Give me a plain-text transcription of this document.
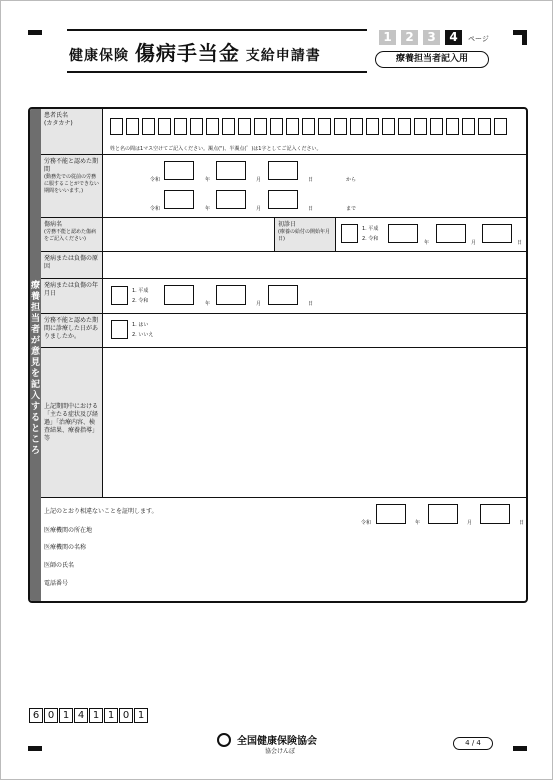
健康保険 傷病手当金 支給申請書
1	2	3	4	ページ
療養担当者記入用
療養担当者が意見を記入するところ
患者氏名
(カタカナ)
姓と名の間は1マス空けてご記入ください。濁点(")、半濁点(゜)は1字としてご記入ください。
労務不能と認めた期間
(動務先での従前の労務に服することができない期間をいいます。)
令和	年	月	日	から
令和	年	月	日	まで
傷病名
(労務不能と認めた傷病をご記入ください)
初診日
(療養の給付の開始年月日)
1. 平成
2. 令和
年	月	日
発病または負傷の原因
発病または負傷の年月日	1. 平成
2. 令和	年	月	日
労務不能と認めた期間に診療した日がありましたか。
1. はい
2. いいえ
上記期間中における「主たる症状及び経過」「治療内容、検査結果、療養指導」等
上記のとおり相違ないことを証明します。
令和	年	月	日
医療機関の所在地
医療機関の名称
医師の氏名
電話番号
6 0 1 4 1 1 0 1
全国健康保険協会
協会けんぽ
4 / 4
